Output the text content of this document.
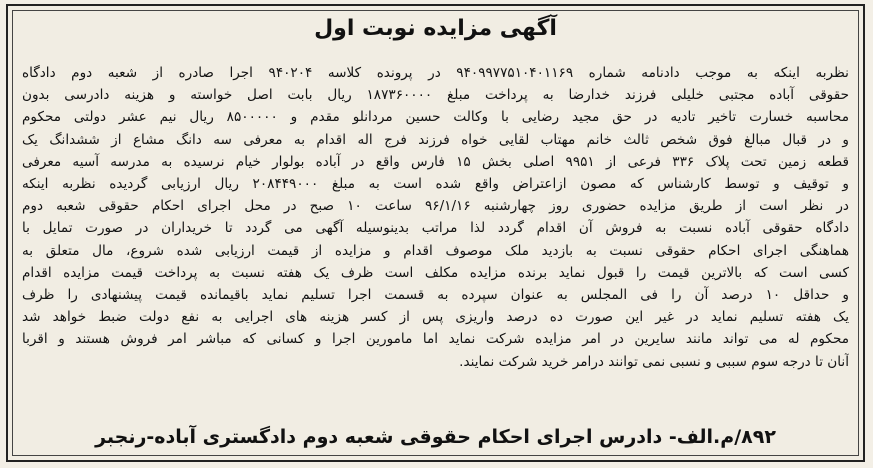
آگهی مزایده نوبت اول
نظربه اینکه به موجب دادنامه شماره ۹۴۰۹۹۷۷۵۱۰۴۰۱۱۶۹ در پرونده کلاسه ۹۴۰۲۰۴ اجرا صادره از شعبه دوم دادگاه
حقوقی آباده مجتبی خلیلی فرزند خدارضا به پرداخت مبلغ ۱۸۷۳۶۰۰۰۰ ریال بابت اصل خواسته و هزینه دادرسی بدون
محاسبه خسارت تاخیر تادیه در حق مجید رضایی با وکالت حسین مردانلو مقدم و ۸۵۰۰۰۰۰ ریال نیم عشر دولتی محکوم
و در قبال مبالغ فوق شخص ثالث خانم مهتاب لقایی خواه فرزند فرج اله اقدام به معرفی سه دانگ مشاع از ششدانگ یک
قطعه زمین تحت پلاک ۳۳۶ فرعی از ۹۹۵۱ اصلی بخش ۱۵ فارس واقع در آباده بولوار خیام نرسیده به مدرسه آسیه معرفی
و توقیف و توسط کارشناس که مصون ازاعتراض واقع شده است به مبلغ ۲۰۸۴۴۹۰۰۰ ریال ارزیابی گردیده نظربه اینکه
در نظر است از طریق مزایده حضوری روز چهارشنبه ۹۶/۱/۱۶ ساعت ۱۰ صبح در محل اجرای احکام حقوقی شعبه دوم
دادگاه حقوقی آباده نسبت به فروش آن اقدام گردد لذا مراتب بدینوسیله آگهی می گردد تا خریداران در صورت تمایل با
هماهنگی اجرای احکام حقوقی نسبت به بازدید ملک موصوف اقدام و مزایده از قیمت ارزیابی شده شروع، مال متعلق به
کسی است که بالاترین قیمت را قبول نماید برنده مزایده مکلف است ظرف یک هفته نسبت به پرداخت قیمت مزایده اقدام
و حداقل ۱۰ درصد آن را فی المجلس به عنوان سپرده به قسمت اجرا تسلیم نماید باقیمانده قیمت پیشنهادی را ظرف
یک هفته تسلیم نماید در غیر این صورت ده درصد واریزی پس از کسر هزینه های اجرایی به نفع دولت ضبط خواهد شد
محکوم له می تواند مانند سایرین در امر مزایده شرکت نماید اما مامورین اجرا و کسانی که مباشر امر فروش هستند و اقربا
آنان تا درجه سوم سببی و نسبی نمی توانند درامر خرید شرکت نمایند.
۸۹۲/م.الف- دادرس اجرای احکام حقوقی شعبه دوم دادگستری آباده-رنجبر
